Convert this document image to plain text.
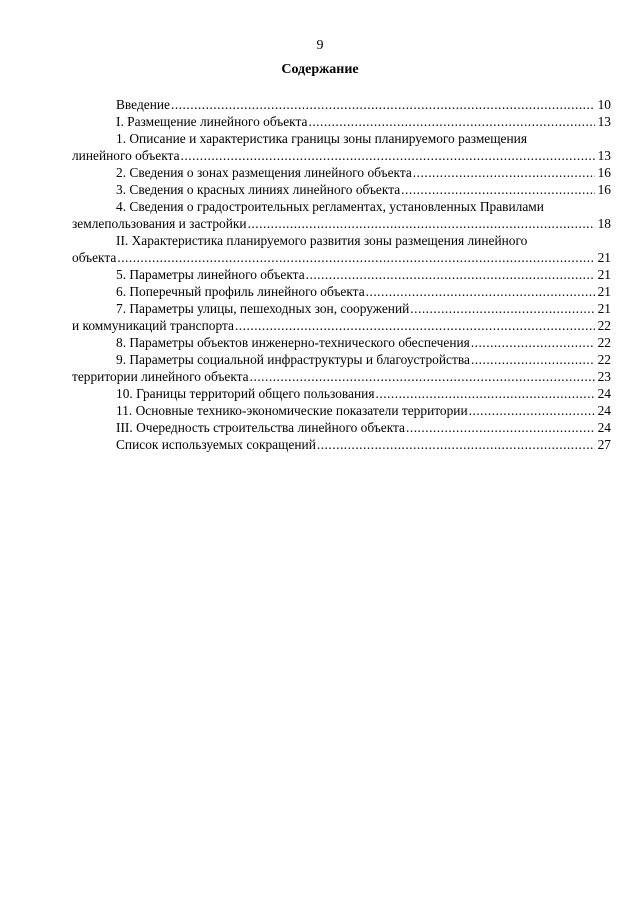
9
Содержание
Введение .....	10
I. Размещение линейного объекта .....	13
1. Описание и характеристика границы зоны планируемого размещения
линейного объекта .....	13
2. Сведения о зонах размещения линейного объекта .....	16
3. Сведения о красных линиях линейного объекта .....	16
4. Сведения о градостроительных регламентах, установленных Правилами
землепользования и застройки .....	18
II. Характеристика планируемого развития зоны размещения линейного
объекта .....	21
5. Параметры линейного объекта .....	21
6. Поперечный профиль линейного объекта .....	21
7. Параметры улицы, пешеходных зон, сооружений .....	21
и коммуникаций транспорта .....	22
8. Параметры объектов инженерно-технического обеспечения .....	22
9. Параметры социальной инфраструктуры и благоустройства .....	22
территории линейного объекта .....	23
10. Границы территорий общего пользования .....	24
11. Основные технико-экономические показатели территории .....	24
III. Очередность строительства линейного объекта .....	24
Список используемых сокращений .....	27
